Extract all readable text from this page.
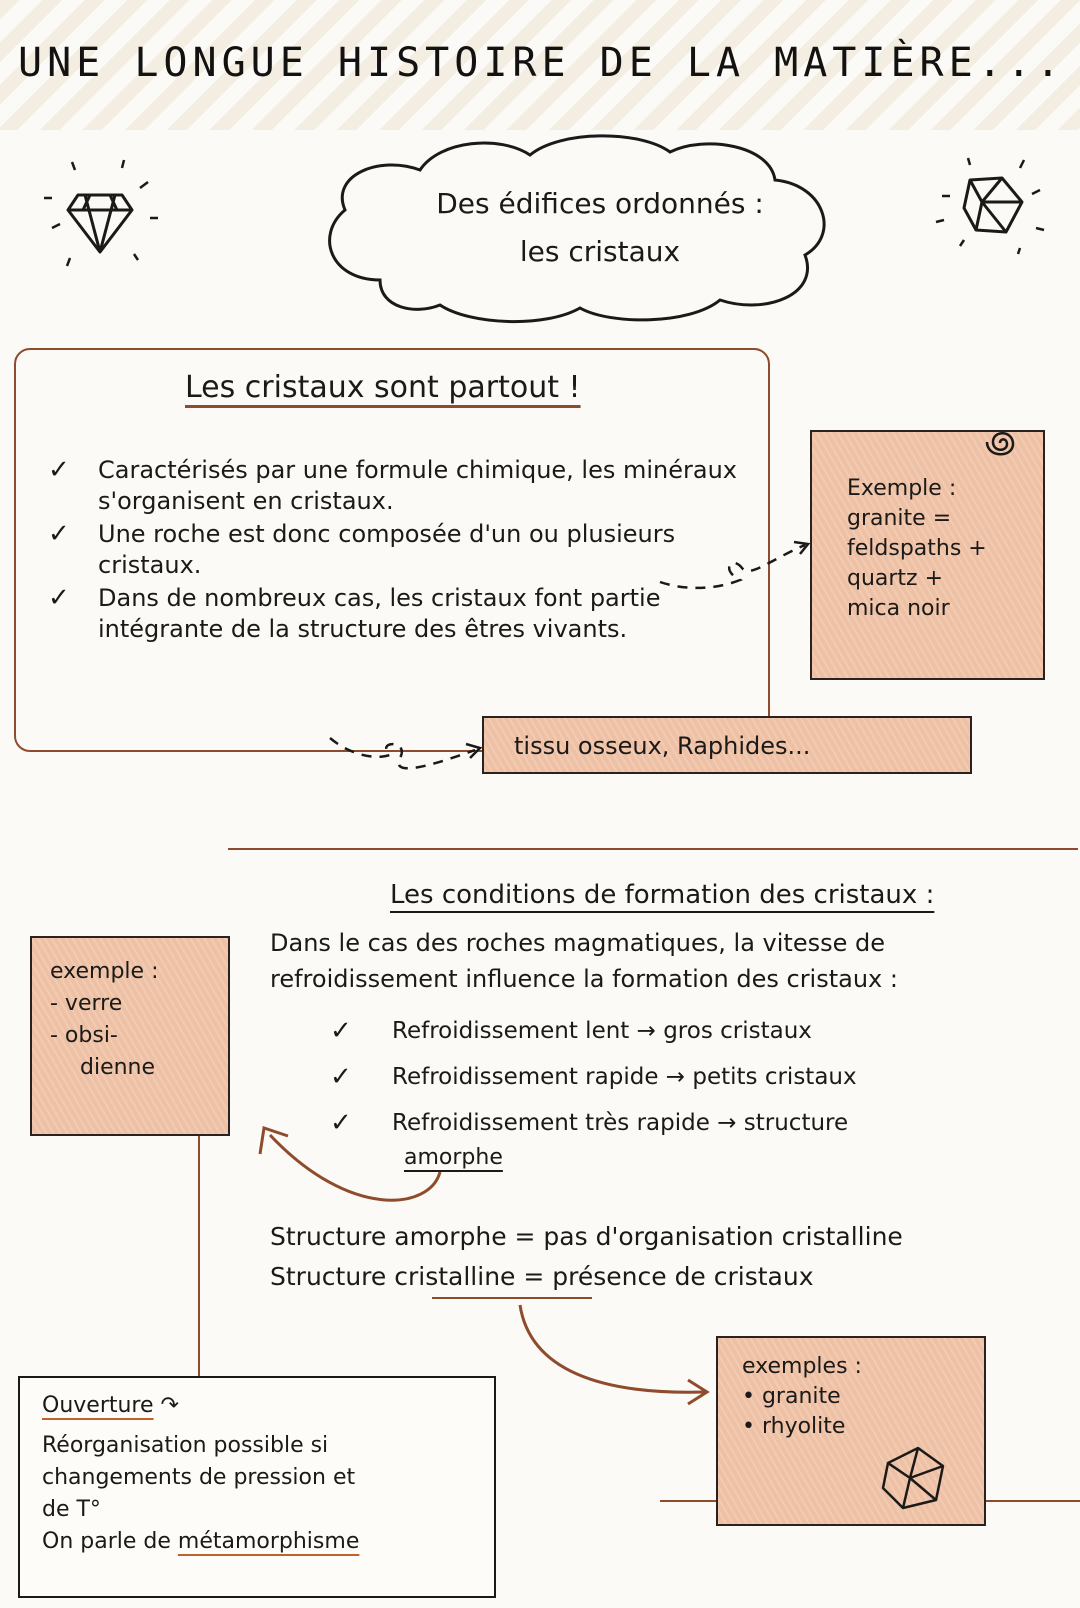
UNE LONGUE HISTOIRE DE LA MATIÈRE...
Des édifices ordonnés :
les cristaux
Les cristaux sont partout !
✓ Caractérisés par une formule chimique, les minéraux s'organisent en cristaux.
✓ Une roche est donc composée d'un ou plusieurs cristaux.
✓ Dans de nombreux cas, les cristaux font partie intégrante de la structure des êtres vivants.
Exemple :
granite =
feldspaths +
quartz +
mica noir
tissu osseux, Raphides...
Les conditions de formation des cristaux :
Dans le cas des roches magmatiques, la vitesse de refroidissement influence la formation des cristaux :
✓ Refroidissement lent → gros cristaux
✓ Refroidissement rapide → petits cristaux
✓ Refroidissement très rapide → structure
amorphe
exemple :
- verre
- obsi-
dienne
Structure amorphe = pas d'organisation cristalline
Structure cristalline = présence de cristaux
exemples :
• granite
• rhyolite
Ouverture ↷
Réorganisation possible si
changements de pression et
de T°
On parle de métamorphisme
